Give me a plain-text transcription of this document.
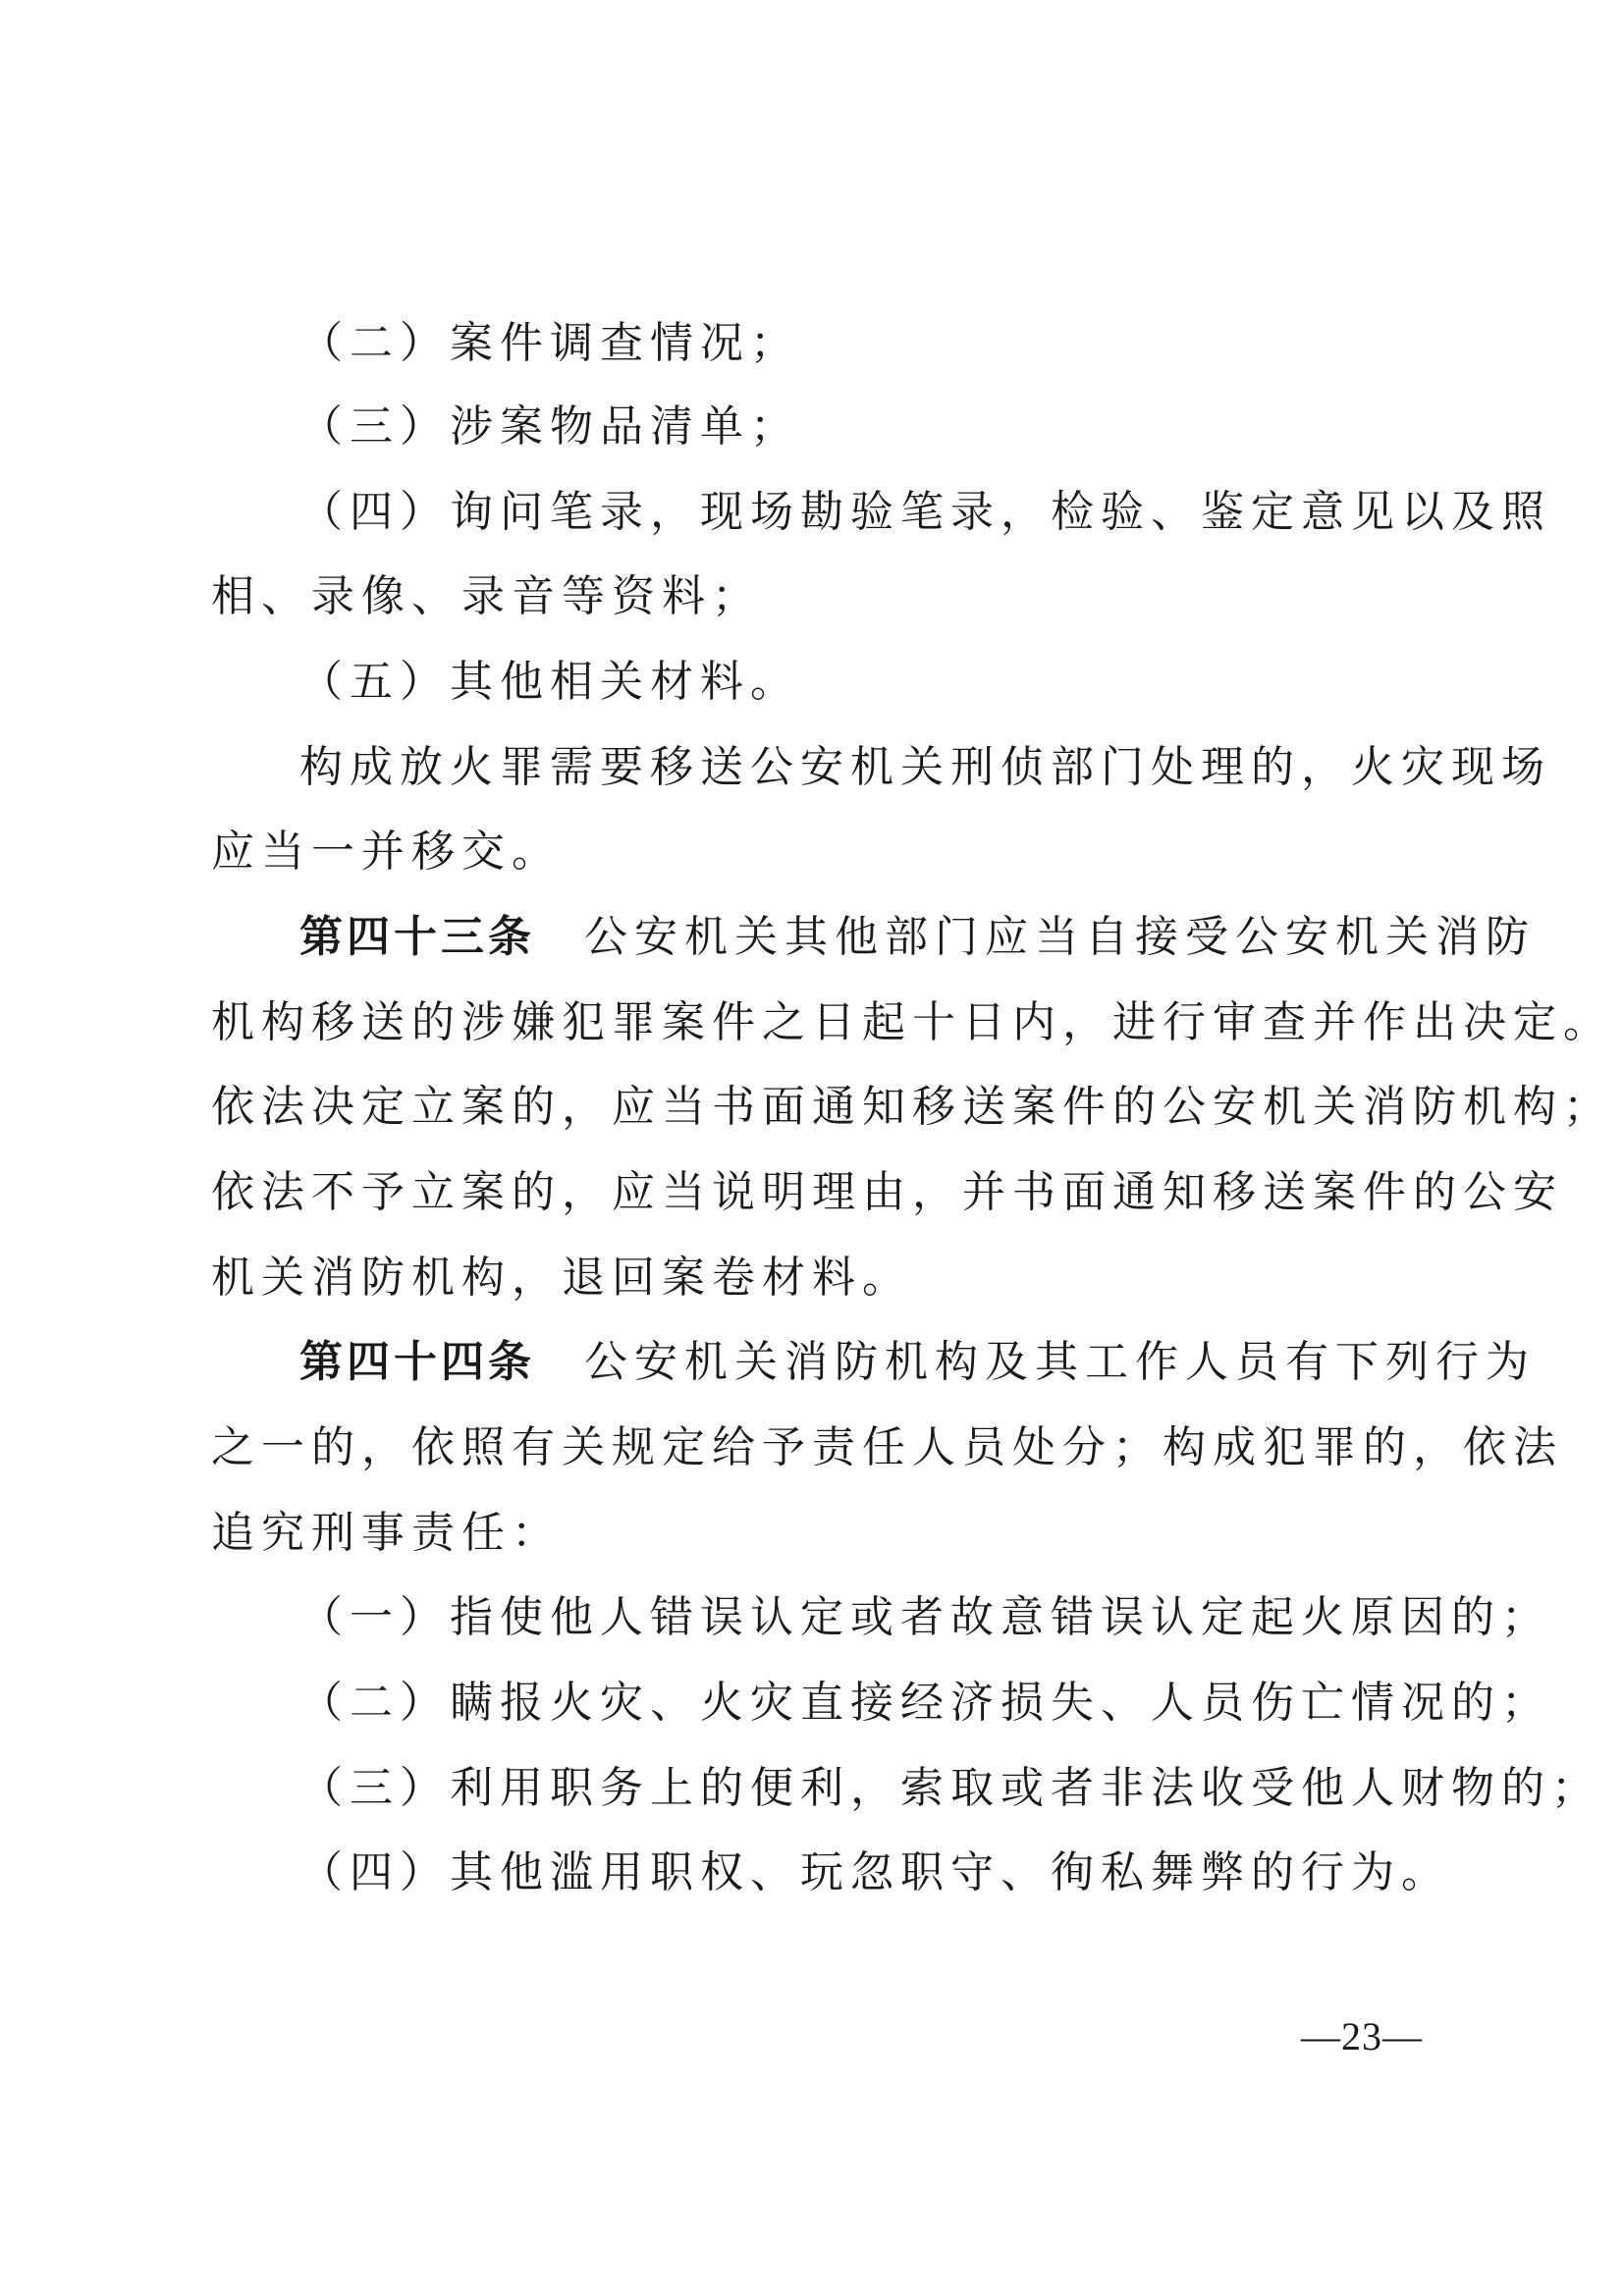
（二）案件调查情况；
（三）涉案物品清单；
（四）询问笔录，现场勘验笔录，检验、鉴定意见以及照
相、录像、录音等资料；
（五）其他相关材料。
构成放火罪需要移送公安机关刑侦部门处理的，火灾现场
应当一并移交。
第四十三条 公安机关其他部门应当自接受公安机关消防
机构移送的涉嫌犯罪案件之日起十日内，进行审查并作出决定。
依法决定立案的，应当书面通知移送案件的公安机关消防机构；
依法不予立案的，应当说明理由，并书面通知移送案件的公安
机关消防机构，退回案卷材料。
第四十四条 公安机关消防机构及其工作人员有下列行为
之一的，依照有关规定给予责任人员处分；构成犯罪的，依法
追究刑事责任：
（一）指使他人错误认定或者故意错误认定起火原因的；
（二）瞒报火灾、火灾直接经济损失、人员伤亡情况的；
（三）利用职务上的便利，索取或者非法收受他人财物的；
（四）其他滥用职权、玩忽职守、徇私舞弊的行为。
—23—
